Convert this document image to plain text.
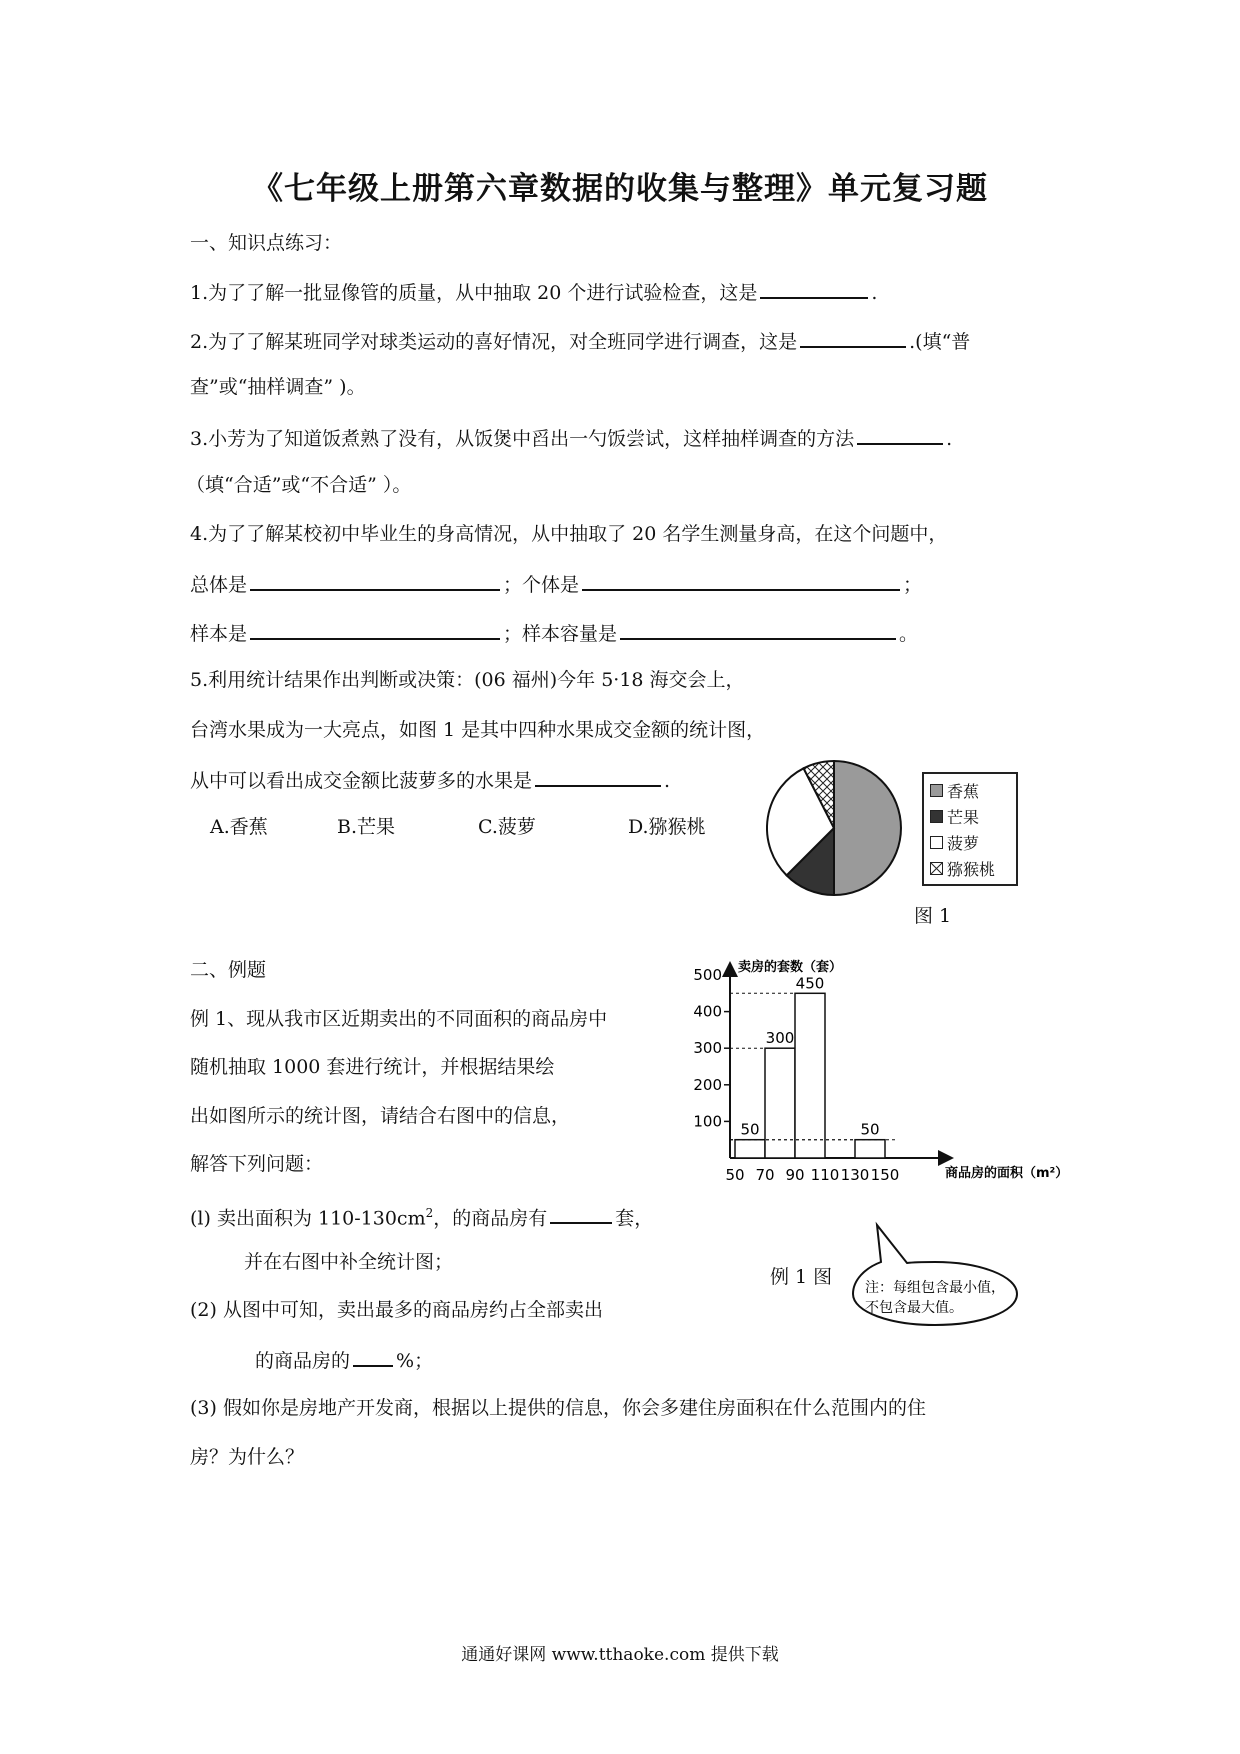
《七年级上册第六章数据的收集与整理》单元复习题
一、知识点练习：
1.为了了解一批显像管的质量，从中抽取 20 个进行试验检查，这是	.
2.为了了解某班同学对球类运动的喜好情况，对全班同学进行调查，这是	.(填“普
查”或“抽样调查” )。
3.小芳为了知道饭煮熟了没有，从饭煲中舀出一勺饭尝试，这样抽样调查的方法	.
（填“合适”或“不合适” ）。
4.为了了解某校初中毕业生的身高情况，从中抽取了 20 名学生测量身高，在这个问题中，
总体是	；个体是	；
样本是	；样本容量是	。
5.利用统计结果作出判断或决策：(06 福州)今年 5·18 海交会上，
台湾水果成为一大亮点，如图 1 是其中四种水果成交金额的统计图，
从中可以看出成交金额比菠萝多的水果是	.
A.香蕉	B.芒果	C.菠萝	D.猕猴桃
香蕉
芒果
菠萝
猕猴桃
图 1
二、例题
例 1、现从我市区近期卖出的不同面积的商品房中
随机抽取 1000 套进行统计，并根据结果绘
出如图所示的统计图，请结合右图中的信息，
解答下列问题：
(l) 卖出面积为 $110-130cm^2$，的商品房有	套，
并在右图中补全统计图；
(2) 从图中可知，卖出最多的商品房约占全部卖出
的商品房的 %；
(3) 假如你是房地产开发商，根据以上提供的信息，你会多建住房面积在什么范围内的住
房？为什么？
卖房的套数（套）
商品房的面积（m²）
100
200
300
400
500
50 70 90 110 130 150
50
300
450
50
例 1 图 注：每组包含最小值，
不包含最大值。
通通好课网 www.tthaoke.com 提供下载
